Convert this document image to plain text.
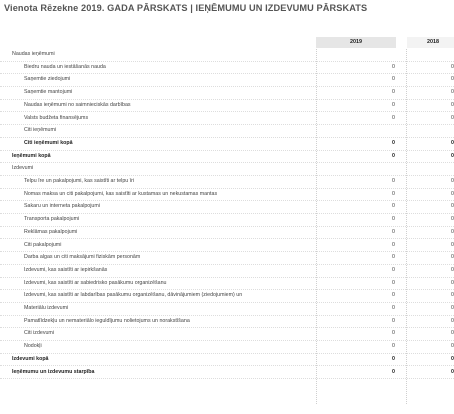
Vienota Rēzekne 2019. GADA PĀRSKATS | IEŅĒMUMU UN IZDEVUMU PĀRSKATS
2019	2018
Naudas ieņēmumi
Biedru nauda un iestāšanās nauda	0	0
Saņemtie ziedojumi	0	0
Saņemtie mantojumi	0	0
Naudas ieņēmumi no saimnieciskās darbības	0	0
Valsts budžeta finansējums	0	0
Citi ieņēmumi
Citi ieņēmumi kopā	0	0
Ieņēmumi kopā	0	0
Izdevumi
Telpu īre un pakalpojumi, kas saistīti ar telpu īri	0	0
Nomas maksa un citi pakalpojumi, kas saistīti ar kustamas un nekustamas mantas	0	0
Sakaru un interneta pakalpojumi	0	0
Transporta pakalpojumi	0	0
Reklāmas pakalpojumi	0	0
Citi pakalpojumi	0	0
Darba algas un citi maksājumi fiziskām personām	0	0
Izdevumi, kas saistīti ar iepirkšanās	0	0
Izdevumi, kas saistīti ar sabiedrisko pasākumu organizēšanu	0	0
Izdevumi, kas saistīti ar labdarības pasākumu organizēšanu, dāvinājumiem (ziedojumiem) un	0	0
Materiālu izdevumi	0	0
Pamatlīdzekļu un nemateriālo ieguldījumu nolietojums un norakstīšana	0	0
Citi izdevumi	0	0
Nodokļi	0	0
Izdevumi kopā	0	0
Ieņēmumu un izdevumu starpība	0	0
